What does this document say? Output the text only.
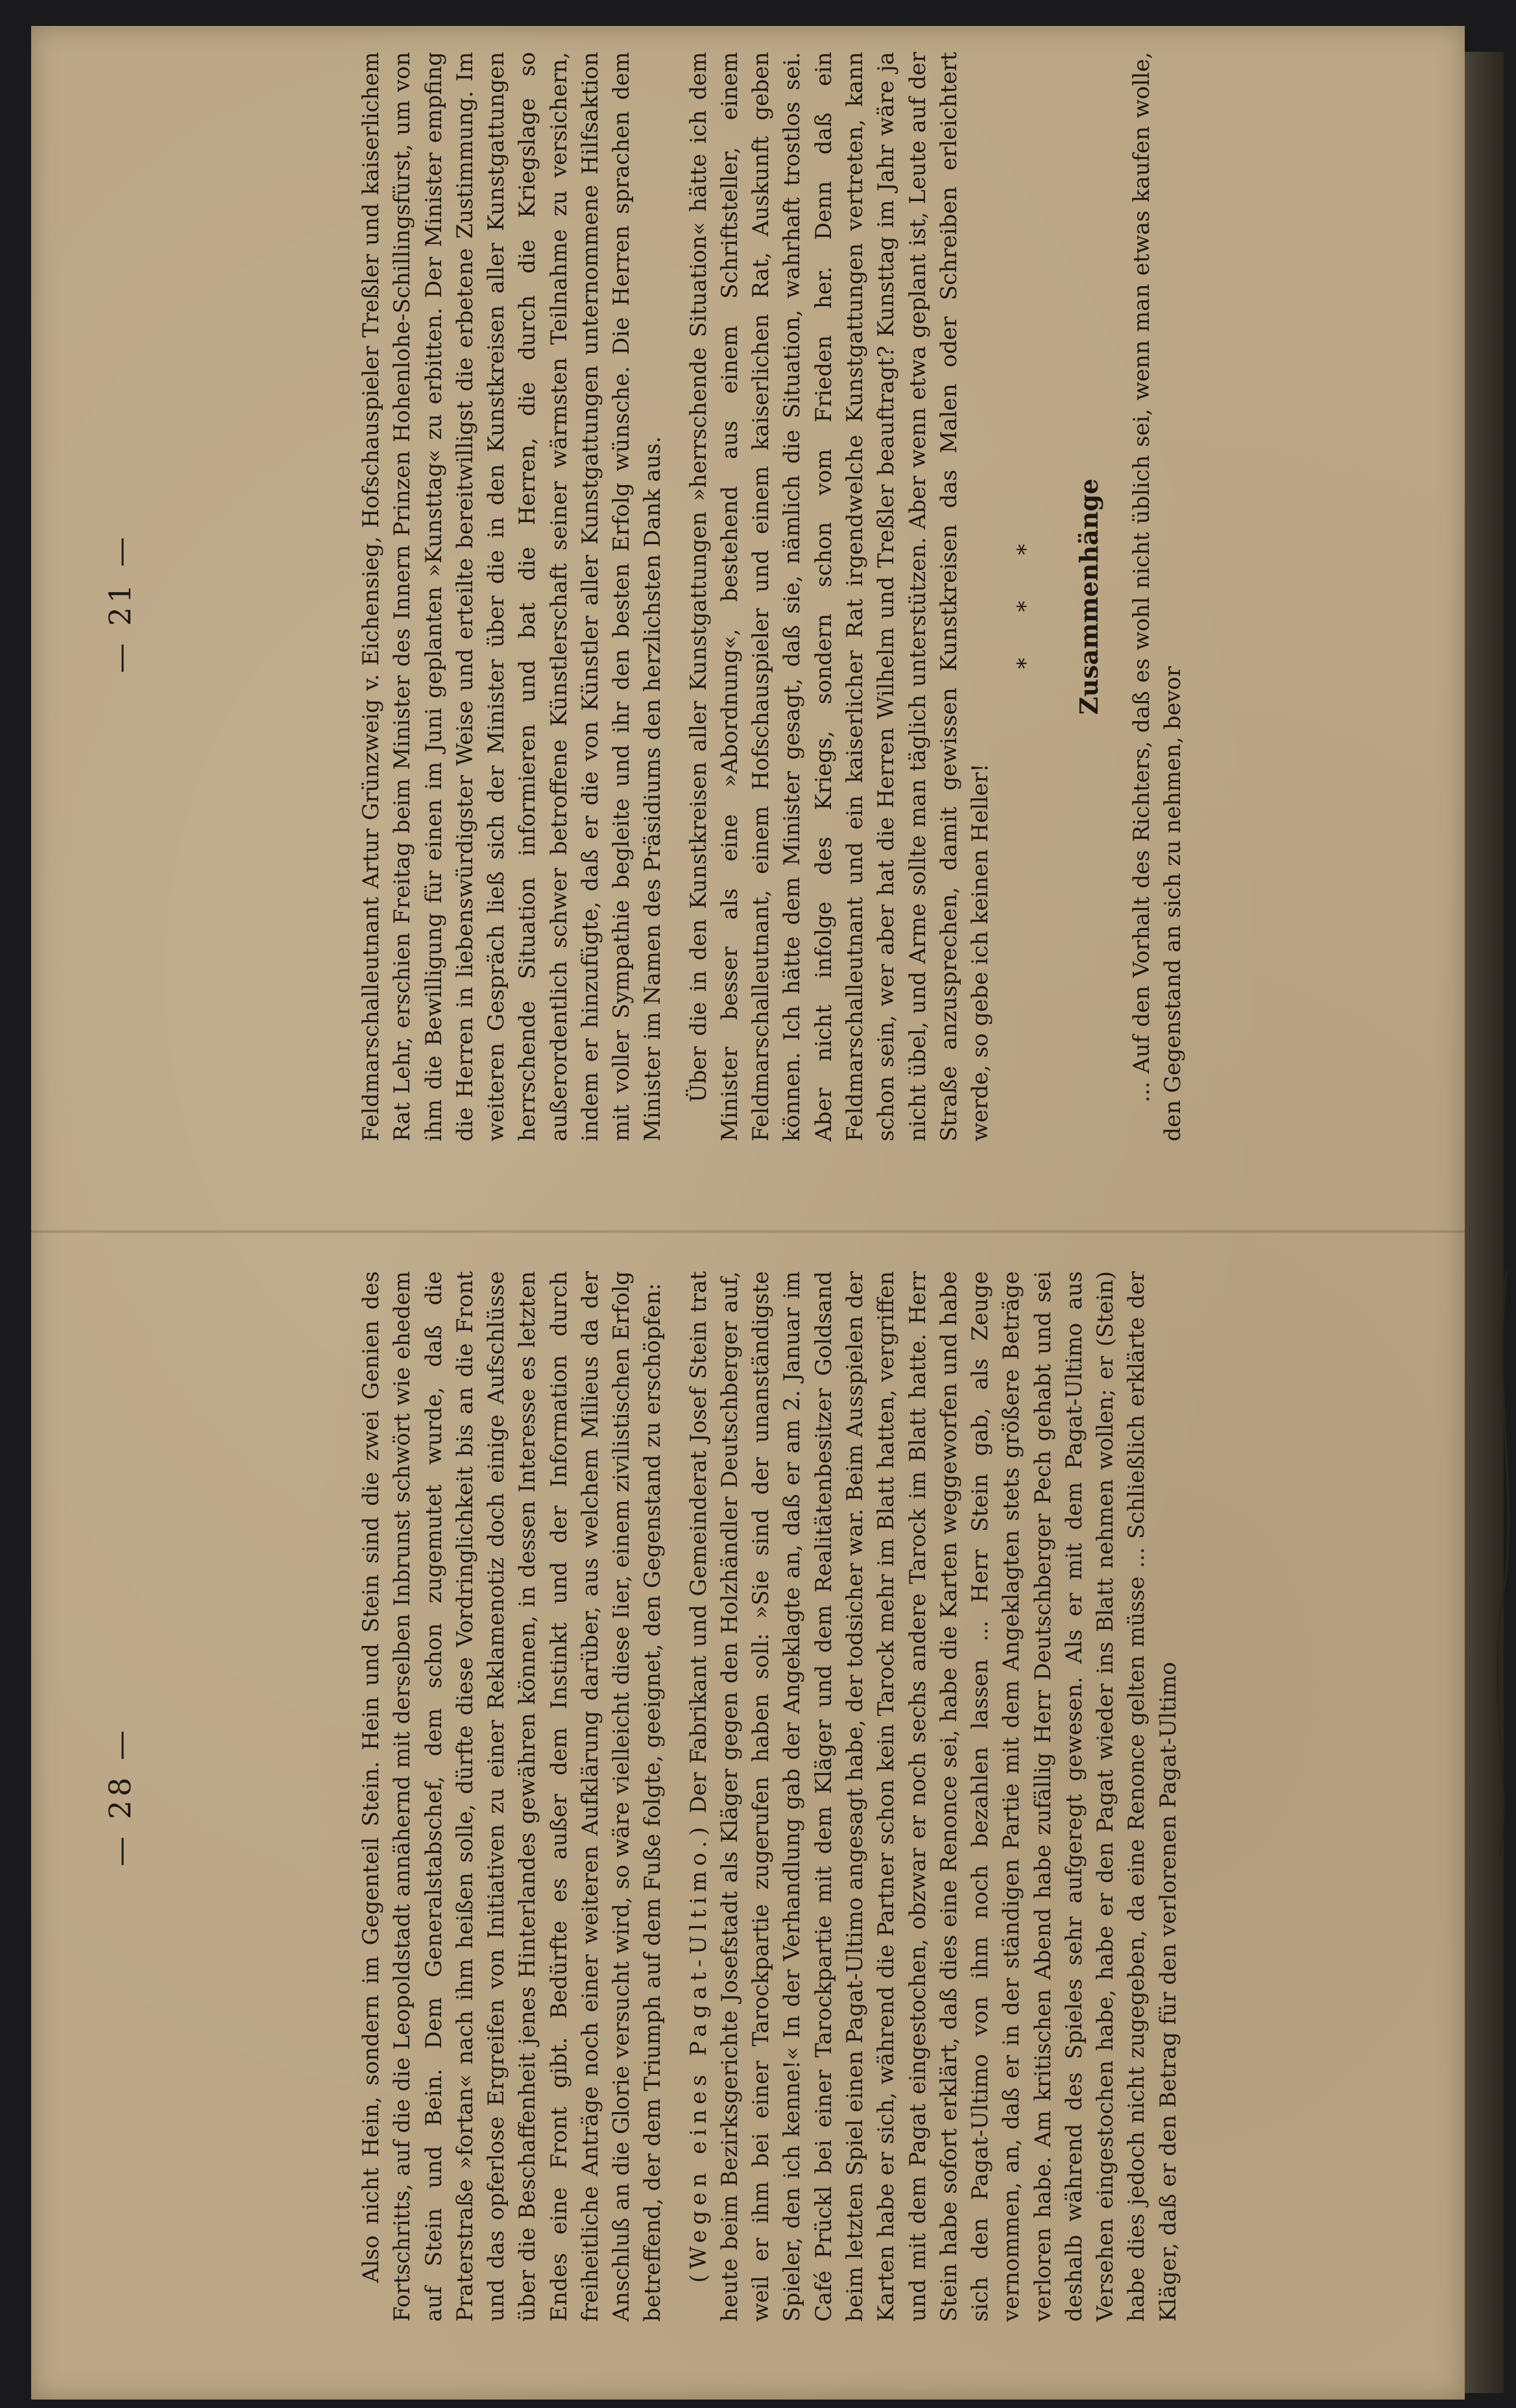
— 28 —	Also nicht Hein, sondern im Gegenteil Stein. Hein und Stein sind die zwei Genien des Fortschritts, auf die die Leopoldstadt annähernd mit derselben Inbrunst schwört wie ehedem auf Stein und Bein. Dem Generalstabschef, dem schon zugemutet wurde, daß die Praterstraße »fortan« nach ihm heißen solle, dürfte diese Vordringlichkeit bis an die Front und das opferlose Ergreifen von Initiativen zu einer Reklamenotiz doch einige Aufschlüsse über die Beschaffenheit jenes Hinterlandes gewähren können, in dessen Interesse es letzten Endes eine Front gibt. Bedürfte es außer dem Instinkt und der Information durch freiheitliche Anträge noch einer weiteren Aufklärung darüber, aus welchem Milieus da der Anschluß an die Glorie versucht wird, so wäre vielleicht diese Iier, einem zivilistischen Erfolg betreffend, der dem Triumph auf dem Fuße folgte, geeignet, den Gegenstand zu erschöpfen: (Wegen eines Pagat-Ultimo.) Der Fabrikant und Gemeinderat Josef Stein trat heute beim Bezirksgerichte Josefstadt als Kläger gegen den Holzhändler Deutschberger auf, weil er ihm bei einer Tarockpartie zugerufen haben soll: »Sie sind der unanständigste Spieler, den ich kenne!« In der Verhandlung gab der Angeklagte an, daß er am 2. Januar im Café Prückl bei einer Tarockpartie mit dem Kläger und dem Realitätenbesitzer Goldsand beim letzten Spiel einen Pagat-Ultimo angesagt habe, der todsicher war. Beim Ausspielen der Karten habe er sich, während die Partner schon kein Tarock mehr im Blatt hatten, vergriffen und mit dem Pagat eingestochen, obzwar er noch sechs andere Tarock im Blatt hatte. Herr Stein habe sofort erklärt, daß dies eine Renonce sei, habe die Karten weggeworfen und habe sich den Pagat-Ultimo von ihm noch bezahlen lassen ... Herr Stein gab, als Zeuge vernommen, an, daß er in der ständigen Partie mit dem Angeklagten stets größere Beträge verloren habe. Am kritischen Abend habe zufällig Herr Deutschberger Pech gehabt und sei deshalb während des Spieles sehr aufgeregt gewesen. Als er mit dem Pagat-Ultimo aus Versehen eingestochen habe, habe er den Pagat wieder ins Blatt nehmen wollen; er (Stein) habe dies jedoch nicht zugegeben, da eine Renonce gelten müsse ... Schließlich erklärte der Kläger, daß er den Betrag für den verlorenen Pagat-Ultimo

— 21 —	Feldmarschalleutnant Artur Grünzweig v. Eichensieg, Hofschauspieler Treßler und kaiserlichem Rat Lehr, erschien Freitag beim Minister des Innern Prinzen Hohenlohe-Schillingsfürst, um von ihm die Bewilligung für einen im Juni geplanten »Kunsttag« zu erbitten. Der Minister empfing die Herren in liebenswürdigster Weise und erteilte bereitwilligst die erbetene Zustimmung. Im weiteren Gespräch ließ sich der Minister über die in den Kunstkreisen aller Kunstgattungen herrschende Situation informieren und bat die Herren, die durch die Kriegslage so außerordentlich schwer betroffene Künstlerschaft seiner wärmsten Teilnahme zu versichern, indem er hinzufügte, daß er die von Künstler aller Kunstgattungen unternommene Hilfsaktion mit voller Sympathie begleite und ihr den besten Erfolg wünsche. Die Herren sprachen dem Minister im Namen des Präsidiums den herzlichsten Dank aus. Über die in den Kunstkreisen aller Kunstgattungen »herrschende Situation« hätte ich dem Minister besser als eine »Abordnung«, bestehend aus einem Schriftsteller, einem Feldmarschalleutnant, einem Hofschauspieler und einem kaiserlichen Rat, Auskunft geben können. Ich hätte dem Minister gesagt, daß sie, nämlich die Situation, wahrhaft trostlos sei. Aber nicht infolge des Kriegs, sondern schon vom Frieden her. Denn daß ein Feldmarschalleutnant und ein kaiserlicher Rat irgendwelche Kunstgattungen vertreten, kann schon sein, wer aber hat die Herren Wilhelm und Treßler beauftragt? Kunsttag im Jahr wäre ja nicht übel, und Arme sollte man täglich unterstützen. Aber wenn etwa geplant ist, Leute auf der Straße anzusprechen, damit gewissen Kunstkreisen das Malen oder Schreiben erleichtert werde, so gebe ich keinen Heller!

* * * Zusammenhänge ... Auf den Vorhalt des Richters, daß es wohl nicht üblich sei, wenn man etwas kaufen wolle, den Gegenstand an sich zu nehmen, bevor
